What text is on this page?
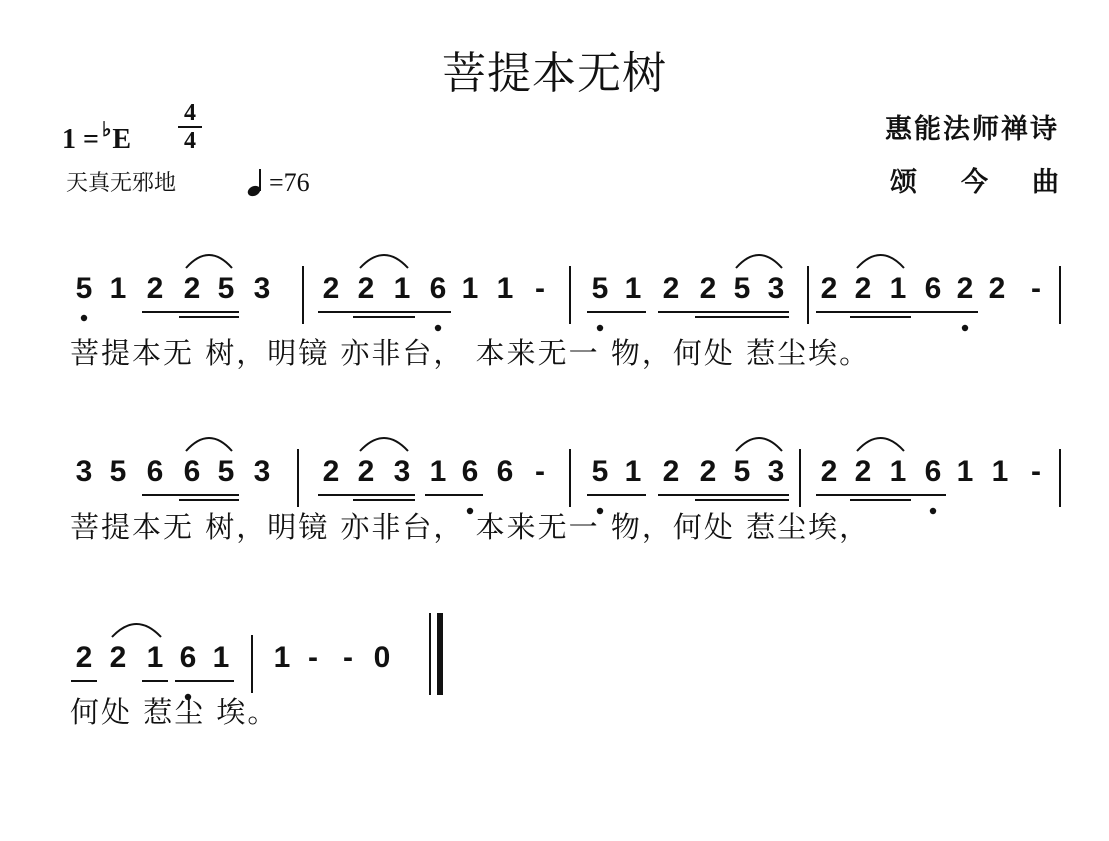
菩提本无树
1 = ♭E
4
4
天真无邪地	=76
惠能法师禅诗
颂今曲
5 1 2 2 5 3 2 2 1 6 1 1 - 5 1 2 2 5 3 2 2 1 6 2 2 -
3 5 6 6 5 3 2 2 3 1 6 6 - 5 1 2 2 5 3 2 2 1 6 1 1 -
2 2 1 6 1 1 - - 0
菩提本无 树，明镜 亦非台， 本来无一 物，何处 惹尘埃。
菩提本无 树，明镜 亦非台， 本来无一 物，何处 惹尘埃，
何处 惹尘 埃。
